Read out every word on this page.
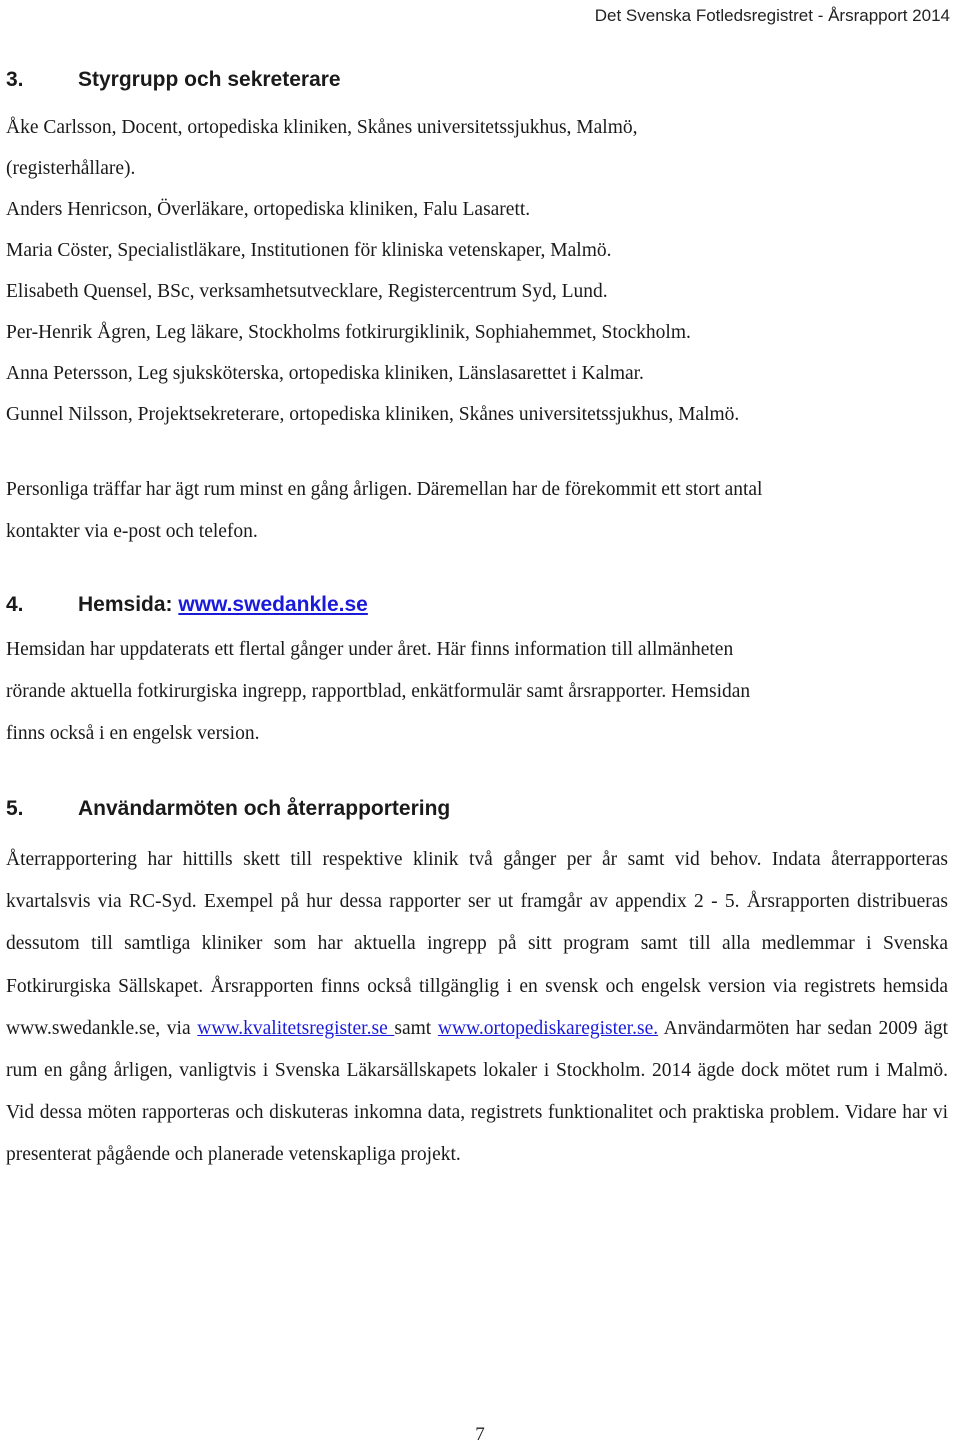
Det Svenska Fotledsregistret - Årsrapport 2014
3.	Styrgrupp och sekreterare

Åke Carlsson, Docent, ortopediska kliniken, Skånes universitetssjukhus, Malmö,

(registerhållare).

Anders Henricson, Överläkare, ortopediska kliniken, Falu Lasarett.

Maria Cöster, Specialistläkare, Institutionen för kliniska vetenskaper, Malmö.

Elisabeth Quensel, BSc, verksamhetsutvecklare, Registercentrum Syd, Lund.

Per-Henrik Ågren, Leg läkare, Stockholms fotkirurgiklinik, Sophiahemmet, Stockholm.

Anna Petersson, Leg sjuksköterska, ortopediska kliniken, Länslasarettet i Kalmar.

Gunnel Nilsson, Projektsekreterare, ortopediska kliniken, Skånes universitetssjukhus, Malmö.

Personliga träffar har ägt rum minst en gång årligen. Däremellan har de förekommit ett stort antal

kontakter via e-post och telefon.

4.	Hemsida: www.swedankle.se

Hemsidan har uppdaterats ett flertal gånger under året. Här finns information till allmänheten

rörande aktuella fotkirurgiska ingrepp, rapportblad, enkätformulär samt årsrapporter. Hemsidan

finns också i en engelsk version.

5.	Användarmöten och återrapportering

Återrapportering har hittills skett till respektive klinik två gånger per år samt vid behov. Indata återrapporteras kvartalsvis via RC-Syd. Exempel på hur dessa rapporter ser ut framgår av appendix 2 - 5. Årsrapporten distribueras dessutom till samtliga kliniker som har aktuella ingrepp på sitt program samt till alla medlemmar i Svenska Fotkirurgiska Sällskapet. Årsrapporten finns också tillgänglig i en svensk och engelsk version via registrets hemsida www.swedankle.se, via www.kvalitetsregister.se samt www.ortopediskaregister.se. Användarmöten har sedan 2009 ägt rum en gång årligen, vanligtvis i Svenska Läkarsällskapets lokaler i Stockholm. 2014 ägde dock mötet rum i Malmö. Vid dessa möten rapporteras och diskuteras inkomna data, registrets funktionalitet och praktiska problem. Vidare har vi presenterat pågående och planerade vetenskapliga projekt.

7
